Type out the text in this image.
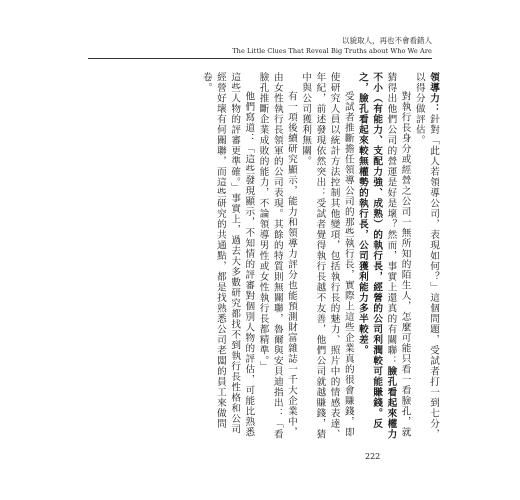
以貌取人，再也不會看錯人
The Little Clues That Reveal Big Truths about Who We Are

領導力：針對「此人若領導公司，表現如何？」這個問題，受試者打一到七分，以得分做評估。

對執行長身分或經營之公司一無所知的陌生人，怎麼可能只看一看臉孔，就猜得出他們公司的營運是好是壞？然而，事實上還真的有關聯：臉孔看起來權力不小（有能力、支配力強、成熟）的執行長，經營的公司利潤較可能賺錢。反之，臉孔看起來較無權勢的執行長，公司獲利能力多半較差。

受試者推斷擔任領導公司的那些執行長，實際上這些企業真的很會賺錢，即使研究人員以統計方法控制其他變項，包括執行長的魅力、照片中的情感表達、年紀，前述發現依然突出：受試者覺得執行長越不友善，他們公司就越賺錢，猜中與公司獲利無關。

有一項後續研究顯示，能力和領導力評分也能預測財富雜誌一千大企業中，由女性執行長領軍的公司表現。其餘的特質則無關聯，魯爾與安貝迪指出：「看臉孔推斷企業成敗的能力，不論領導男性或女性執行長都精準。」

他們寫道：「這些發現顯示，不知情的評審對個別人物的評估，可能比熟悉這些人物的評審更準確。」事實上，過去大多數研究都找不到執行長性格和公司經營好壞有何關聯，而這些研究的共通點，都是找熟悉公司老闆的員工來做問卷。

222
